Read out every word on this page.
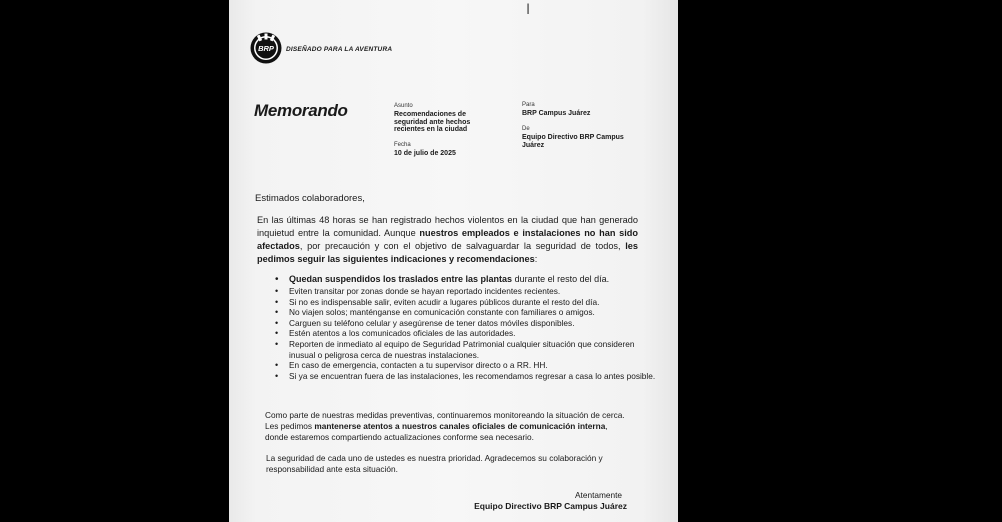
BRP DISEÑADO PARA LA AVENTURA
Memorando	Asunto
Recomendaciones de
seguridad ante hechos
recientes en la ciudad
Fecha
10 de julio de 2025
Para
BRP Campus Juárez
De
Equipo Directivo BRP Campus
Juárez
Estimados colaboradores,

En las últimas 48 horas se han registrado hechos violentos en la ciudad que han generado inquietud entre la comunidad. Aunque nuestros empleados e instalaciones no han sido afectados, por precaución y con el objetivo de salvaguardar la seguridad de todos, les pedimos seguir las siguientes indicaciones y recomendaciones:

• Quedan suspendidos los traslados entre las plantas durante el resto del día.
• Eviten transitar por zonas donde se hayan reportado incidentes recientes.
• Si no es indispensable salir, eviten acudir a lugares públicos durante el resto del día.
• No viajen solos; manténganse en comunicación constante con familiares o amigos.
• Carguen su teléfono celular y asegúrense de tener datos móviles disponibles.
• Estén atentos a los comunicados oficiales de las autoridades.
• Reporten de inmediato al equipo de Seguridad Patrimonial cualquier situación que consideren inusual o peligrosa cerca de nuestras instalaciones.
• En caso de emergencia, contacten a tu supervisor directo o a RR. HH.
• Si ya se encuentran fuera de las instalaciones, les recomendamos regresar a casa lo antes posible.

Como parte de nuestras medidas preventivas, continuaremos monitoreando la situación de cerca. Les pedimos mantenerse atentos a nuestros canales oficiales de comunicación interna, donde estaremos compartiendo actualizaciones conforme sea necesario.

La seguridad de cada uno de ustedes es nuestra prioridad. Agradecemos su colaboración y responsabilidad ante esta situación.

Atentamente
Equipo Directivo BRP Campus Juárez
I
